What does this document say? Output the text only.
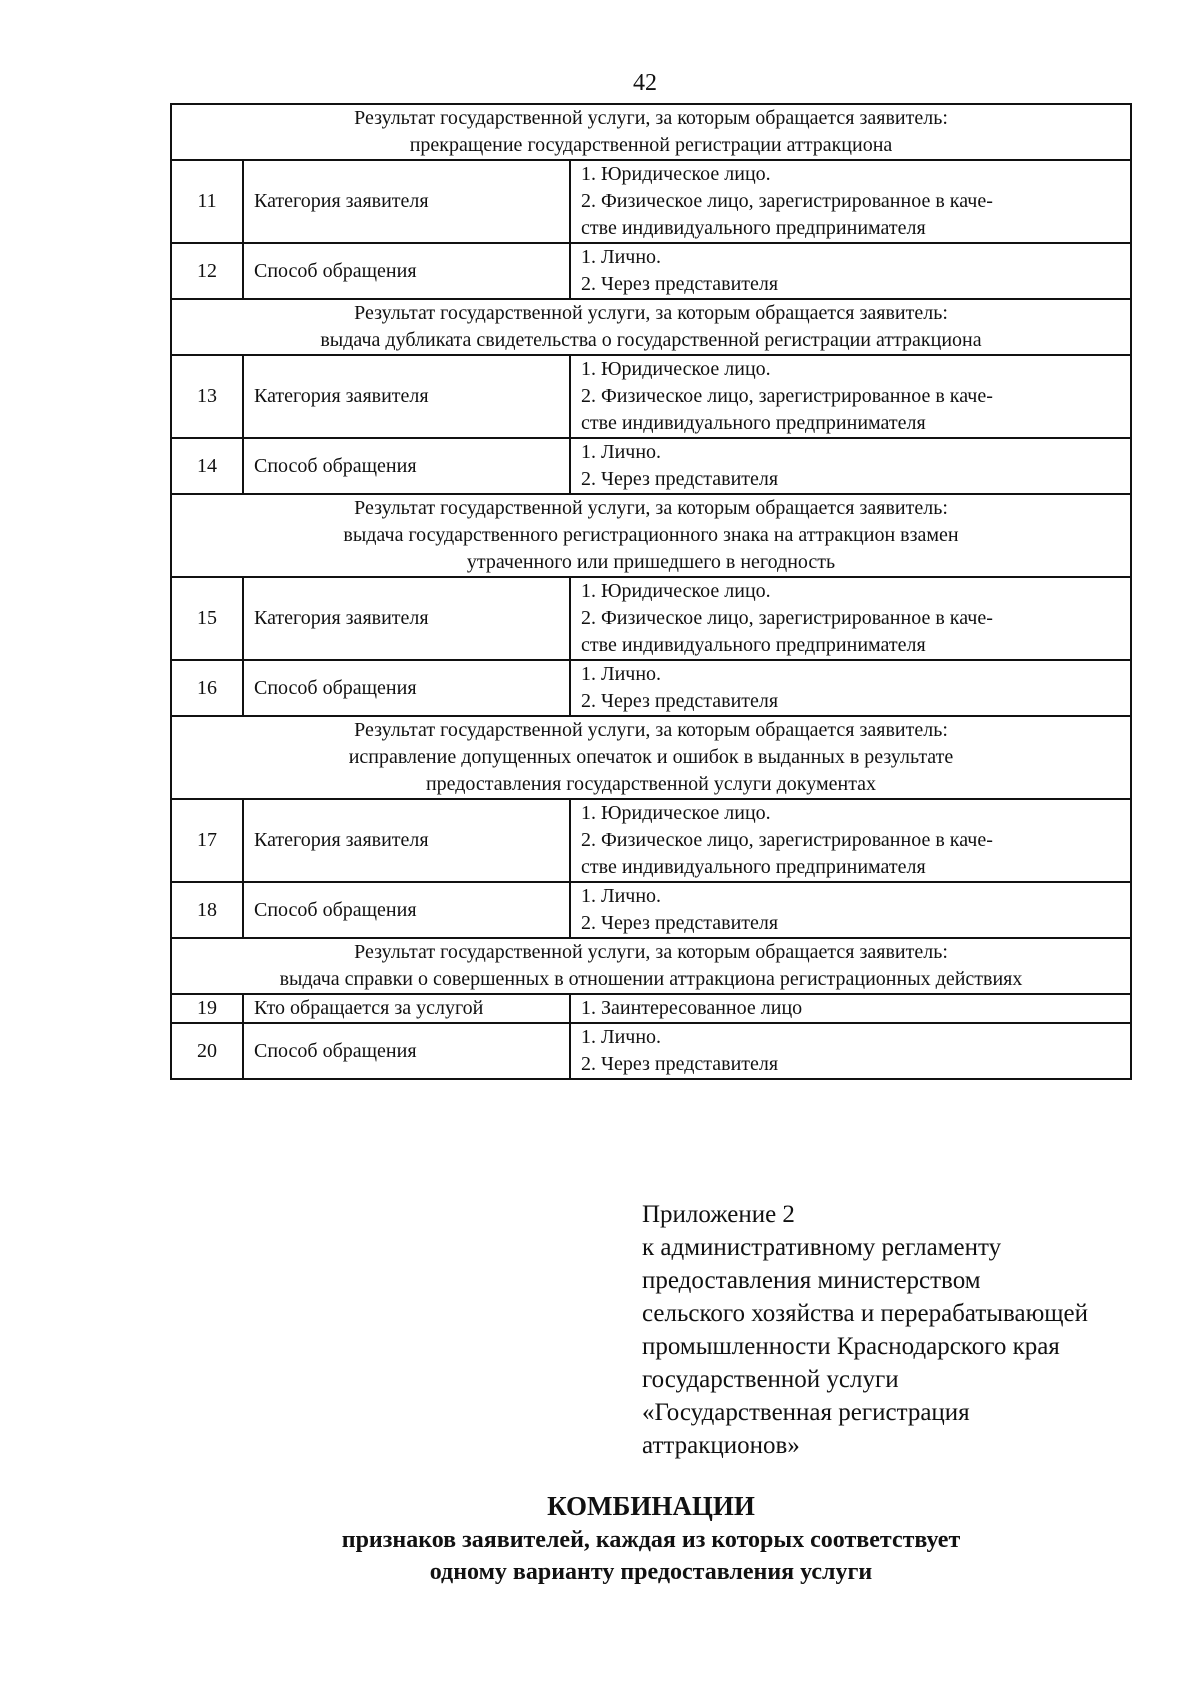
42
Результат государственной услуги, за которым обращается заявитель:
прекращение государственной регистрации аттракциона		

11	Категория заявителя	1. Юридическое лицо.
2. Физическое лицо, зарегистрированное в каче-
стве индивидуального предпринимателя

12	Способ обращения	1. Лично.
2. Через представителя

Результат государственной услуги, за которым обращается заявитель:
выдача дубликата свидетельства о государственной регистрации аттракциона		

13	Категория заявителя	1. Юридическое лицо.
2. Физическое лицо, зарегистрированное в каче-
стве индивидуального предпринимателя

14	Способ обращения	1. Лично.
2. Через представителя

Результат государственной услуги, за которым обращается заявитель:
выдача государственного регистрационного знака на аттракцион взамен
утраченного или пришедшего в негодность		

15	Категория заявителя	1. Юридическое лицо.
2. Физическое лицо, зарегистрированное в каче-
стве индивидуального предпринимателя

16	Способ обращения	1. Лично.
2. Через представителя

Результат государственной услуги, за которым обращается заявитель:
исправление допущенных опечаток и ошибок в выданных в результате
предоставления государственной услуги документах		

17	Категория заявителя	1. Юридическое лицо.
2. Физическое лицо, зарегистрированное в каче-
стве индивидуального предпринимателя

18	Способ обращения	1. Лично.
2. Через представителя

Результат государственной услуги, за которым обращается заявитель:
выдача справки о совершенных в отношении аттракциона регистрационных действиях		

19	Кто обращается за услугой	1. Заинтересованное лицо

20	Способ обращения	1. Лично.
2. Через представителя
Приложение 2
к административному регламенту
предоставления министерством
сельского хозяйства и перерабатывающей
промышленности Краснодарского края
государственной услуги
«Государственная регистрация
аттракционов»
КОМБИНАЦИИ
признаков заявителей, каждая из которых соответствует
одному варианту предоставления услуги
